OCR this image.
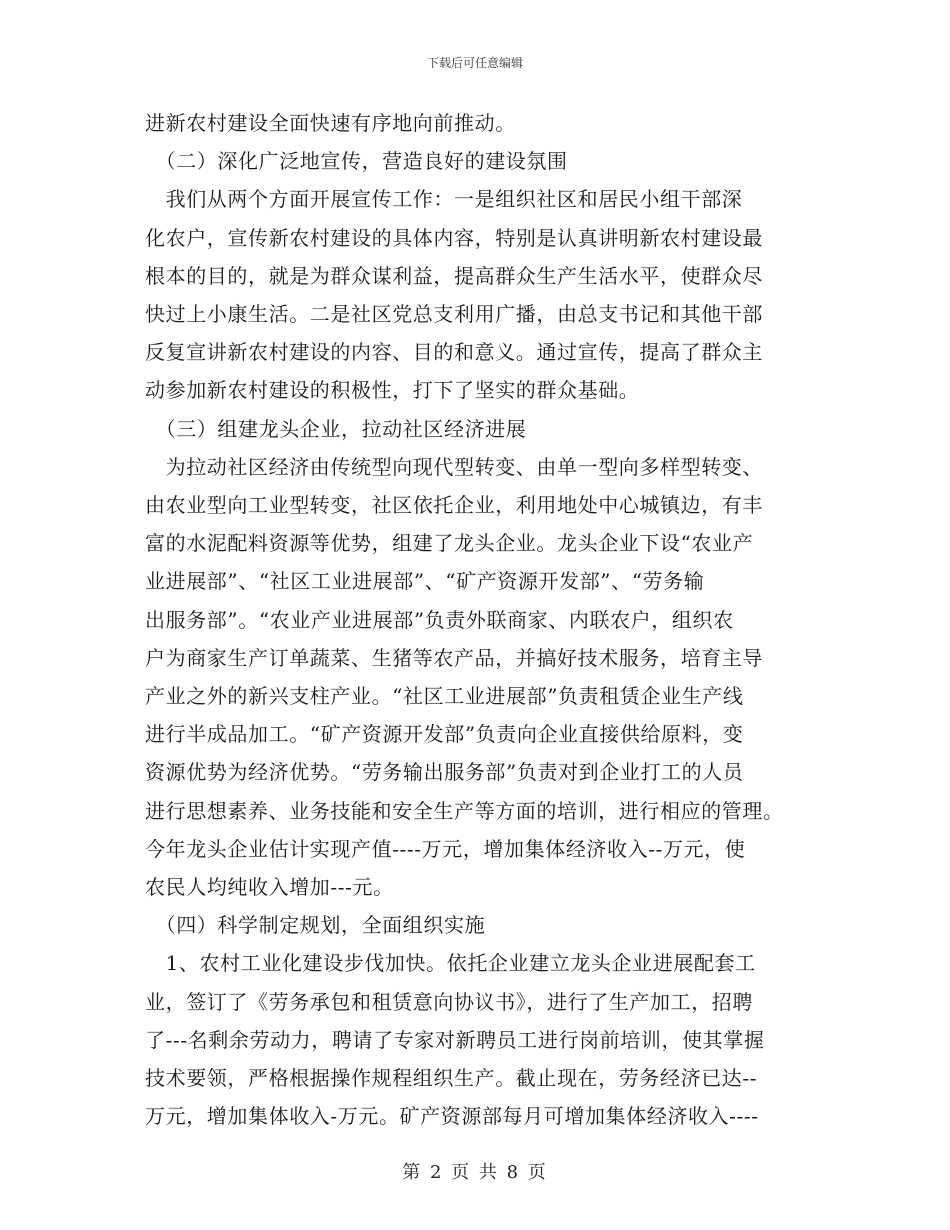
下载后可任意编辑

进新农村建设全面快速有序地向前推动。

　（二）深化广泛地宣传，营造良好的建设氛围

　我们从两个方面开展宣传工作：一是组织社区和居民小组干部深

化农户，宣传新农村建设的具体内容，特别是认真讲明新农村建设最

根本的目的，就是为群众谋利益，提高群众生产生活水平，使群众尽

快过上小康生活。二是社区党总支利用广播，由总支书记和其他干部

反复宣讲新农村建设的内容、目的和意义。通过宣传，提高了群众主

动参加新农村建设的积极性，打下了坚实的群众基础。

　（三）组建龙头企业，拉动社区经济进展

　为拉动社区经济由传统型向现代型转变、由单一型向多样型转变、

由农业型向工业型转变，社区依托企业，利用地处中心城镇边，有丰

富的水泥配料资源等优势，组建了龙头企业。龙头企业下设“农业产

业进展部”、“社区工业进展部”、“矿产资源开发部”、“劳务输

出服务部”。“农业产业进展部”负责外联商家、内联农户，组织农

户为商家生产订单蔬菜、生猪等农产品，并搞好技术服务，培育主导

产业之外的新兴支柱产业。“社区工业进展部”负责租赁企业生产线

进行半成品加工。“矿产资源开发部”负责向企业直接供给原料，变

资源优势为经济优势。“劳务输出服务部”负责对到企业打工的人员

进行思想素养、业务技能和安全生产等方面的培训，进行相应的管理。

今年龙头企业估计实现产值----万元，增加集体经济收入--万元，使

农民人均纯收入增加---元。

　（四）科学制定规划，全面组织实施

　1、农村工业化建设步伐加快。依托企业建立龙头企业进展配套工

业，签订了《劳务承包和租赁意向协议书》，进行了生产加工，招聘

了---名剩余劳动力，聘请了专家对新聘员工进行岗前培训，使其掌握

技术要领，严格根据操作规程组织生产。截止现在，劳务经济已达--

万元，增加集体收入-万元。矿产资源部每月可增加集体经济收入----

第 2 页 共 8 页
